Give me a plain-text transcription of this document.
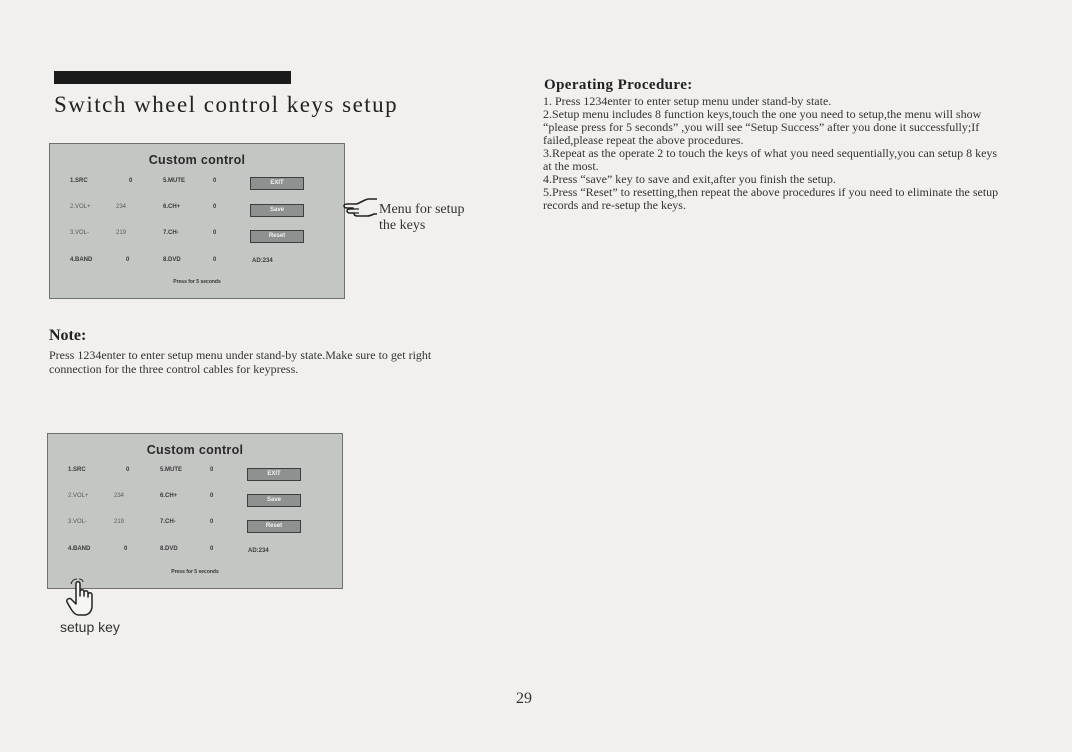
Switch wheel control keys setup
Custom control
1.SRC	0
2.VOL+	234
3.VOL-	219
4.BAND	0
5.MUTE	0
6.CH+	0
7.CH-	0
8.DVD	0
EXIT
Save
Reset
AD:234
Press for 5 seconds
Menu for setup
the keys
Note:
Press 1234enter to enter setup menu under stand-by state.Make sure to get right connection for the three control cables for keypress.
Custom control
1.SRC	0
2.VOL+	234
3.VOL-	219
4.BAND	0
5.MUTE	0
6.CH+	0
7.CH-	0
8.DVD	0
EXIT
Save
Reset
AD:234
Press for 5 seconds
setup key
Operating Procedure:

1. Press 1234enter to enter setup menu under stand-by state.

2.Setup menu includes 8 function keys,touch the one you need to setup,the menu will show “please press for 5 seconds” ,you will see “Setup Success” after you done it successfully;If failed,please repeat the above procedures.

3.Repeat as the operate 2 to touch the keys of what you need sequentially,you can setup 8 keys at the most.

4.Press “save” key to save and exit,after you finish the setup.

5.Press “Reset” to resetting,then repeat the above procedures if you need to eliminate the setup records and re-setup the keys.

29
